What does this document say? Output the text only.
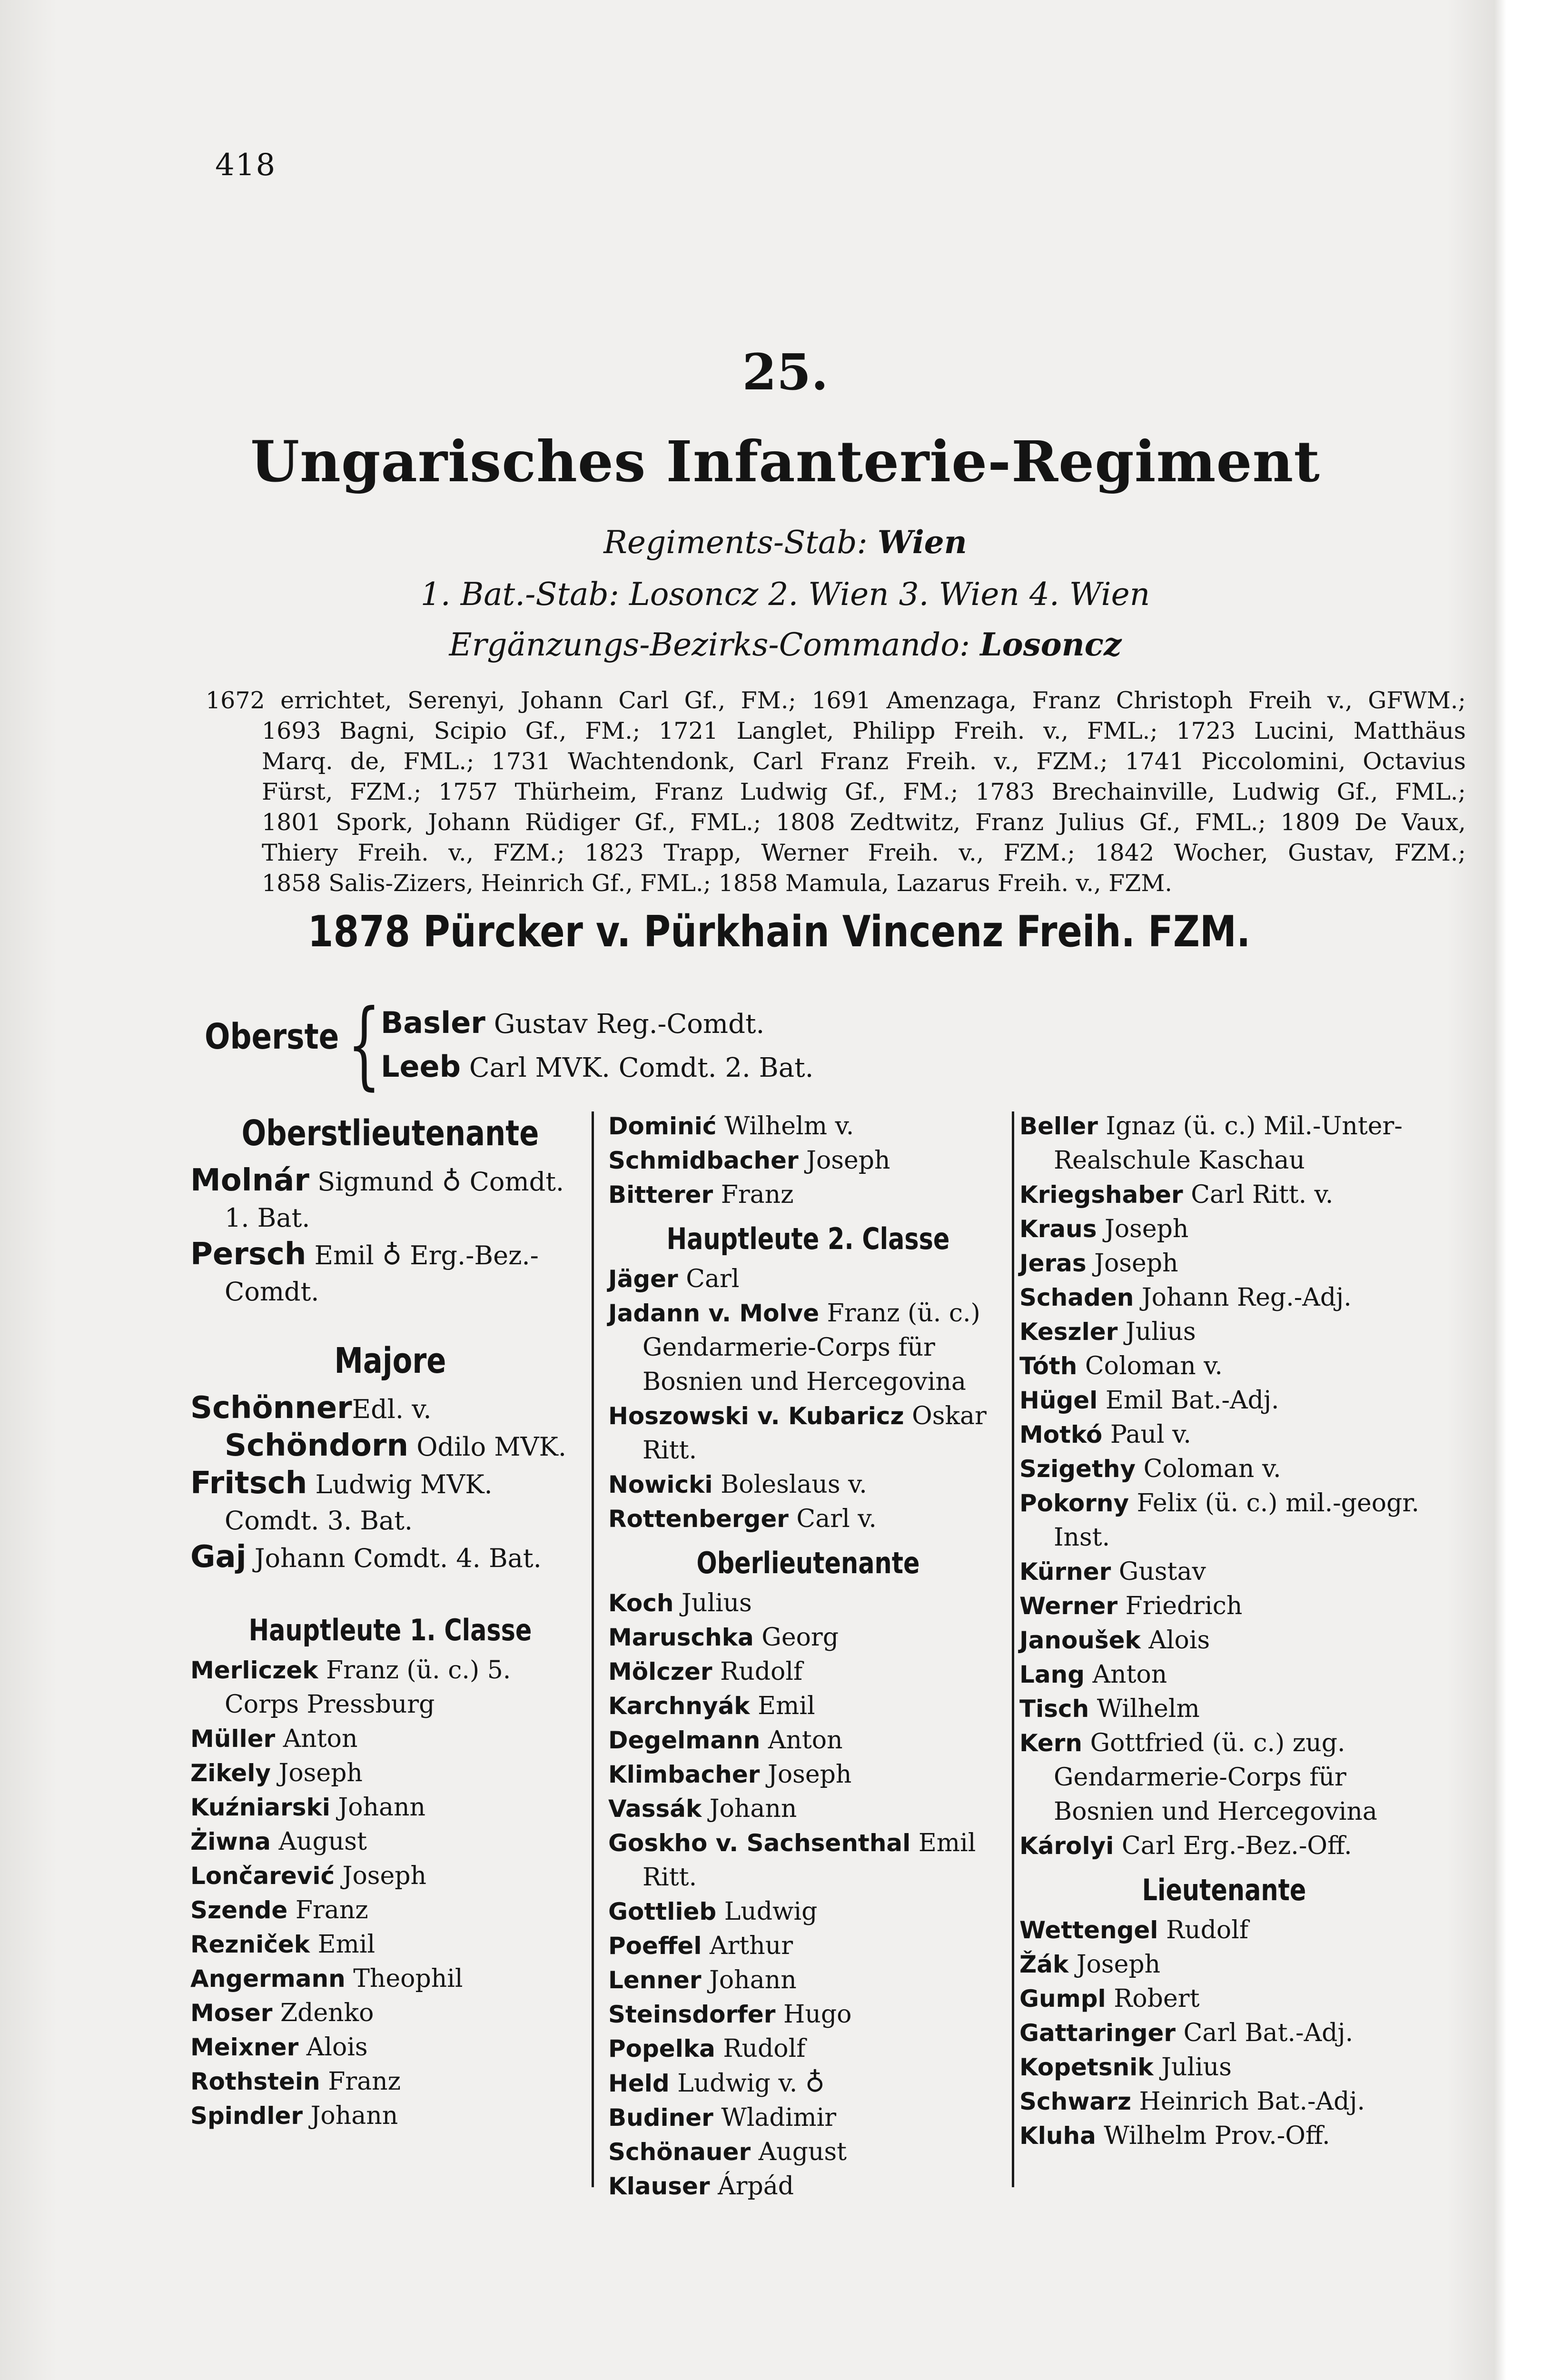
418
25.
Ungarisches Infanterie-Regiment
Regiments-Stab: Wien
1. Bat.-Stab: Losoncz 2. Wien 3. Wien 4. Wien
Ergänzungs-Bezirks-Commando: Losoncz
1672 errichtet, Serenyi, Johann Carl Gf., FM.; 1691 Amenzaga, Franz Christoph Freih v., GFWM.;
1693 Bagni, Scipio Gf., FM.; 1721 Langlet, Philipp Freih. v., FML.; 1723 Lucini, Matthäus
Marq. de, FML.; 1731 Wachtendonk, Carl Franz Freih. v., FZM.; 1741 Piccolomini, Octavius
Fürst, FZM.; 1757 Thürheim, Franz Ludwig Gf., FM.; 1783 Brechainville, Ludwig Gf., FML.;
1801 Spork, Johann Rüdiger Gf., FML.; 1808 Zedtwitz, Franz Julius Gf., FML.; 1809 De Vaux,
Thiery Freih. v., FZM.; 1823 Trapp, Werner Freih. v., FZM.; 1842 Wocher, Gustav, FZM.;
1858 Salis-Zizers, Heinrich Gf., FML.; 1858 Mamula, Lazarus Freih. v., FZM.
1878 Pürcker v. Pürkhain Vincenz Freih. FZM.
Oberste { Basler Gustav Reg.-Comdt.
Leeb Carl MVK. Comdt. 2. Bat.
Oberstlieutenante
Molnár Sigmund ♁ Comdt. 1. Bat.
Persch Emil ♁ Erg.-Bez.-Comdt.
Majore
SchönnerEdl. v. Schöndorn Odilo MVK.
Fritsch Ludwig MVK. Comdt. 3. Bat.
Gaj Johann Comdt. 4. Bat.
Hauptleute 1. Classe
Merliczek Franz (ü. c.) 5. Corps Pressburg
Müller Anton
Zikely Joseph
Kuźniarski Johann
Żiwna August
Lončarević Joseph
Szende Franz
Rezniček Emil
Angermann Theophil
Moser Zdenko
Meixner Alois
Rothstein Franz
Spindler Johann
Dominić Wilhelm v.
Schmidbacher Joseph
Bitterer Franz
Hauptleute 2. Classe
Jäger Carl
Jadann v. Molve Franz (ü. c.) Gendarmerie-Corps für Bosnien und Hercegovina
Hoszowski v. Kubaricz Oskar Ritt.
Nowicki Boleslaus v.
Rottenberger Carl v.
Oberlieutenante
Koch Julius
Maruschka Georg
Mölczer Rudolf
Karchnyák Emil
Degelmann Anton
Klimbacher Joseph
Vassák Johann
Goskho v. Sachsenthal Emil Ritt.
Gottlieb Ludwig
Poeffel Arthur
Lenner Johann
Steinsdorfer Hugo
Popelka Rudolf
Held Ludwig v. ♁
Budiner Wladimir
Schönauer August
Klauser Árpád
Beller Ignaz (ü. c.) Mil.-Unter-Realschule Kaschau
Kriegshaber Carl Ritt. v.
Kraus Joseph
Jeras Joseph
Schaden Johann Reg.-Adj.
Keszler Julius
Tóth Coloman v.
Hügel Emil Bat.-Adj.
Motkó Paul v.
Szigethy Coloman v.
Pokorny Felix (ü. c.) mil.-geogr. Inst.
Kürner Gustav
Werner Friedrich
Janoušek Alois
Lang Anton
Tisch Wilhelm
Kern Gottfried (ü. c.) zug. Gendarmerie-Corps für Bosnien und Hercegovina
Károlyi Carl Erg.-Bez.-Off.
Lieutenante
Wettengel Rudolf
Žák Joseph
Gumpl Robert
Gattaringer Carl Bat.-Adj.
Kopetsnik Julius
Schwarz Heinrich Bat.-Adj.
Kluha Wilhelm Prov.-Off.
